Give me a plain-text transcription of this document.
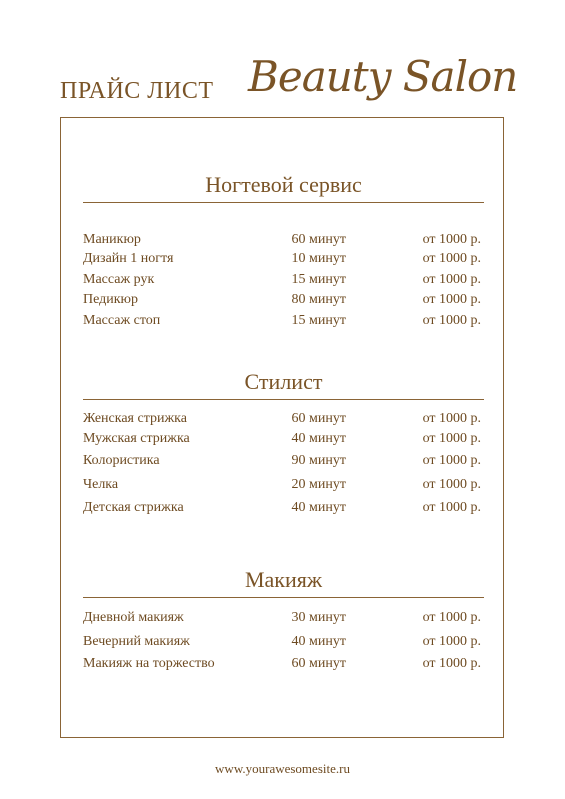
ПРАЙС ЛИСТ Beauty Salon
Ногтевой сервис
Маникюр	60 минут	от 1000 р.
Дизайн 1 ногтя	10 минут	от 1000 р.
Массаж рук	15 минут	от 1000 р.
Педикюр	80 минут	от 1000 р.
Массаж стоп	15 минут	от 1000 р.
Стилист
Женская стрижка	60 минут	от 1000 р.
Мужская стрижка	40 минут	от 1000 р.
Колористика	90 минут	от 1000 р.
Челка	20 минут	от 1000 р.
Детская стрижка	40 минут	от 1000 р.
Макияж
Дневной макияж	30 минут	от 1000 р.
Вечерний макияж	40 минут	от 1000 р.
Макияж на торжество	60 минут	от 1000 р.
www.yourawesomesite.ru
